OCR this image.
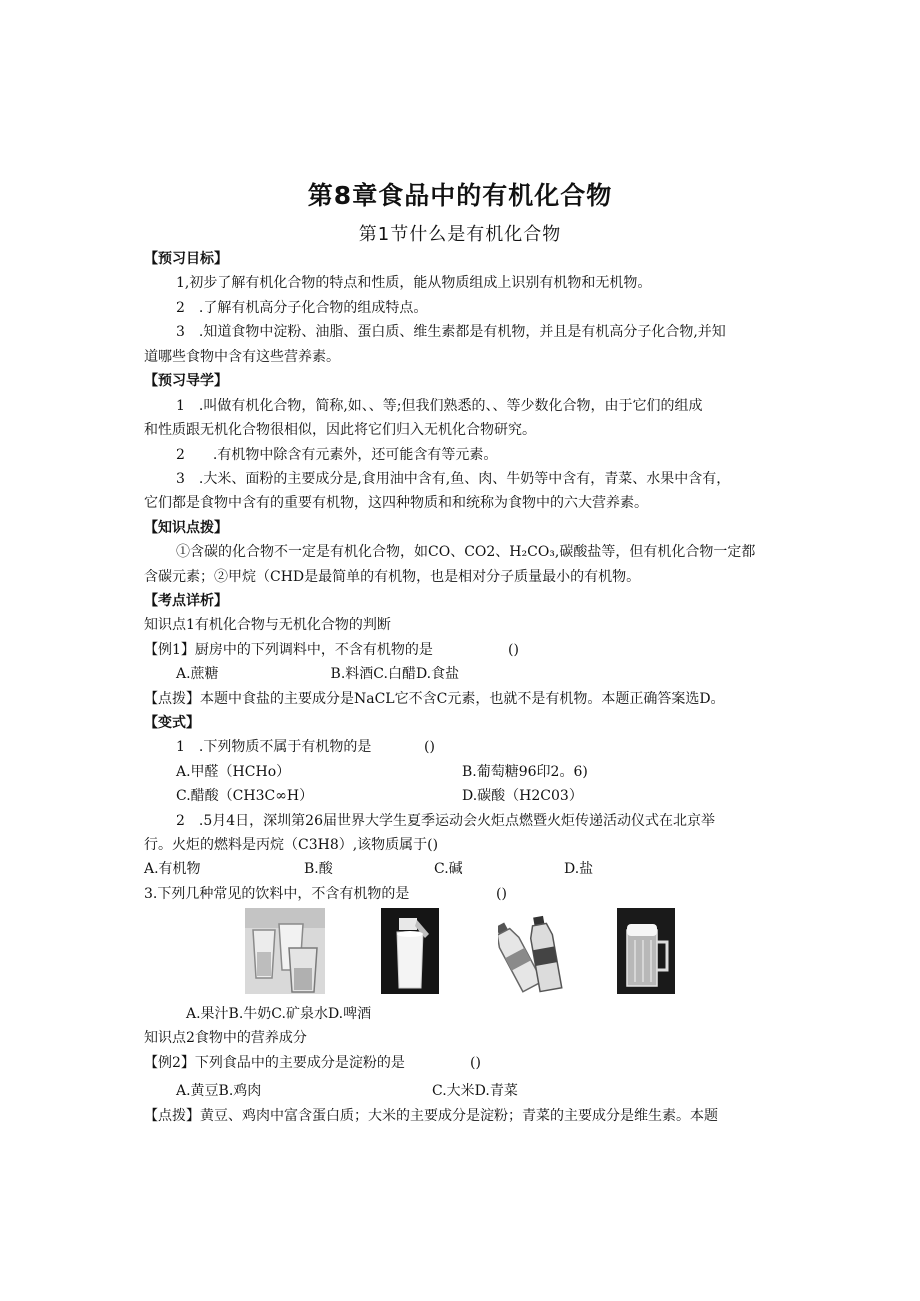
第8章食品中的有机化合物
第1节什么是有机化合物
【预习目标】
1,初步了解有机化合物的特点和性质，能从物质组成上识别有机物和无机物。
2　.了解有机高分子化合物的组成特点。
3　.知道食物中淀粉、油脂、蛋白质、维生素都是有机物，并且是有机高分子化合物,并知
道哪些食物中含有这些营养素。
【预习导学】
1　.叫做有机化合物，简称,如、、等;但我们熟悉的、、等少数化合物，由于它们的组成
和性质跟无机化合物很相似，因此将它们归入无机化合物研究。
2　　.有机物中除含有元素外，还可能含有等元素。
3　.大米、面粉的主要成分是,食用油中含有,鱼、肉、牛奶等中含有，青菜、水果中含有，
它们都是食物中含有的重要有机物，这四种物质和和统称为食物中的六大营养素。
【知识点拨】
①含碳的化合物不一定是有机化合物，如CO、CO2、H₂CO₃,碳酸盐等，但有机化合物一定都
含碳元素；②甲烷（CHD是最简单的有机物，也是相对分子质量最小的有机物。
【考点详析】
知识点1有机化合物与无机化合物的判断
【例1】厨房中的下列调料中，不含有机物的是	()
A.蔗糖　　　　　　　　B.料酒C.白醋D.食盐
【点拨】本题中食盐的主要成分是NaCL它不含C元素，也就不是有机物。本题正确答案选D。
【变式】
1　.下列物质不属于有机物的是	()
A.甲醛（HCHo）	B.葡萄糖96印2。6)
C.醋酸（CH3C∞H）	D.碳酸（H2C03）
2　.5月4日，深圳第26届世界大学生夏季运动会火炬点燃暨火炬传递活动仪式在北京举
行。火炬的燃料是丙烷（C3H8）,该物质属于()
A.有机物	B.酸	C.碱	D.盐
3.下列几种常见的饮料中，不含有机物的是	()
A.果汁B.牛奶C.矿泉水D.啤酒
知识点2食物中的营养成分
【例2】下列食品中的主要成分是淀粉的是	()
A.黄豆B.鸡肉	C.大米D.青菜
【点拨】黄豆、鸡肉中富含蛋白质；大米的主要成分是淀粉；青菜的主要成分是维生素。本题
